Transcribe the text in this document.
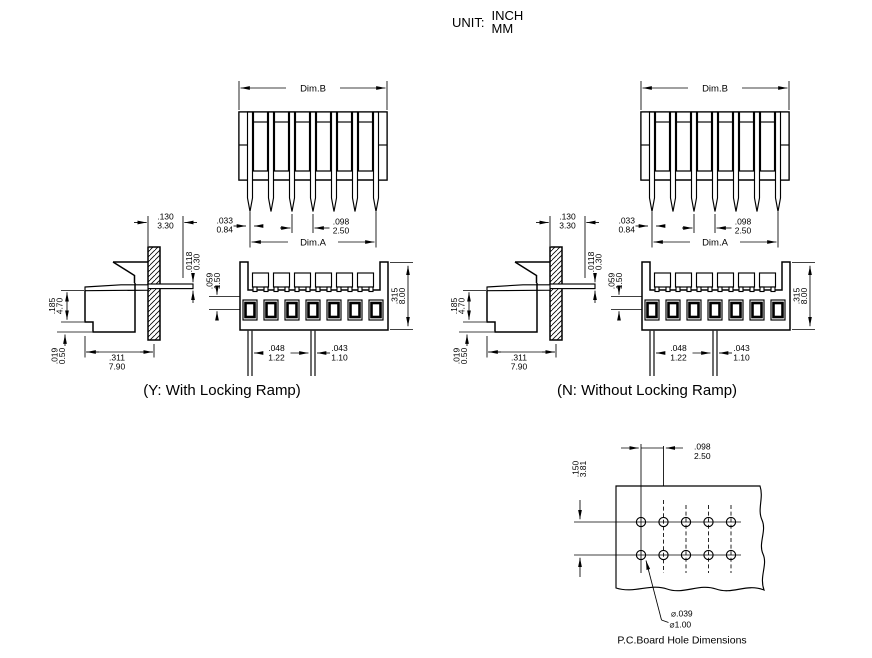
UNIT: INCH
MM
(Y: With Locking Ramp)	(N: Without Locking Ramp)
.098
2.50
.150
3.81
⌀.039
⌀1.00
P.C.Board Hole Dimensions
